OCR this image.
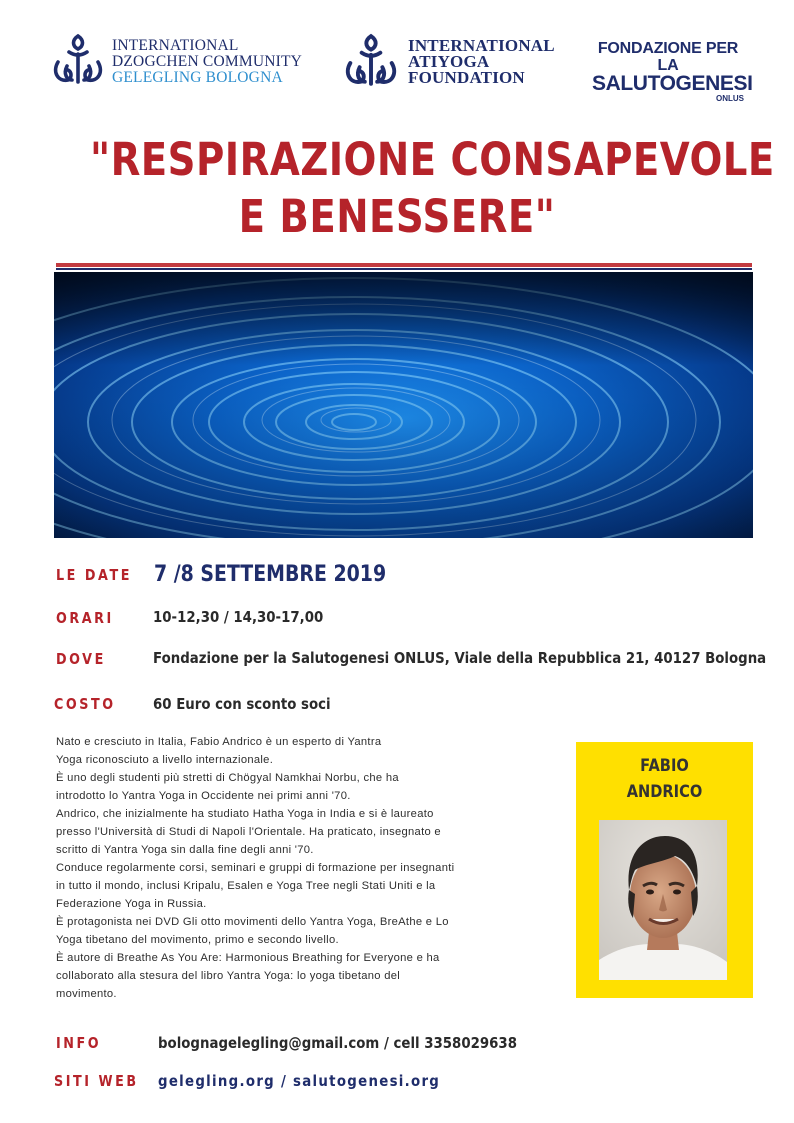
INTERNATIONAL
DZOGCHEN COMMUNITY
GELEGLING BOLOGNA
INTERNATIONAL
ATIYOGA
FOUNDATION
FONDAZIONE PER LA
SALUTOGENESI
ONLUS
"RESPIRAZIONE CONSAPEVOLE
E BENESSERE"
LE DATE 7 /8 SETTEMBRE 2019
ORARI	10-12,30 / 14,30-17,00
DOVE	Fondazione per la Salutogenesi ONLUS, Viale della Repubblica 21, 40127 Bologna
COSTO 60 Euro con sconto soci

Nato e cresciuto in Italia, Fabio Andrico è un esperto di Yantra

Yoga riconosciuto a livello internazionale.

È uno degli studenti più stretti di Chögyal Namkhai Norbu, che ha

introdotto lo Yantra Yoga in Occidente nei primi anni '70.

Andrico, che inizialmente ha studiato Hatha Yoga in India e si è laureato

presso l'Università di Studi di Napoli l'Orientale. Ha praticato, insegnato e

scritto di Yantra Yoga sin dalla fine degli anni '70.

Conduce regolarmente corsi, seminari e gruppi di formazione per insegnanti

in tutto il mondo, inclusi Kripalu, Esalen e Yoga Tree negli Stati Uniti e la

Federazione Yoga in Russia.

È protagonista nei DVD Gli otto movimenti dello Yantra Yoga, BreAthe e Lo

Yoga tibetano del movimento, primo e secondo livello.

È autore di Breathe As You Are: Harmonious Breathing for Everyone e ha

collaborato alla stesura del libro Yantra Yoga: lo yoga tibetano del

movimento.

FABIO
ANDRICO
INFO	bolognagelegling@gmail.com / cell 3358029638
SITI WEB gelegling.org / salutogenesi.org
